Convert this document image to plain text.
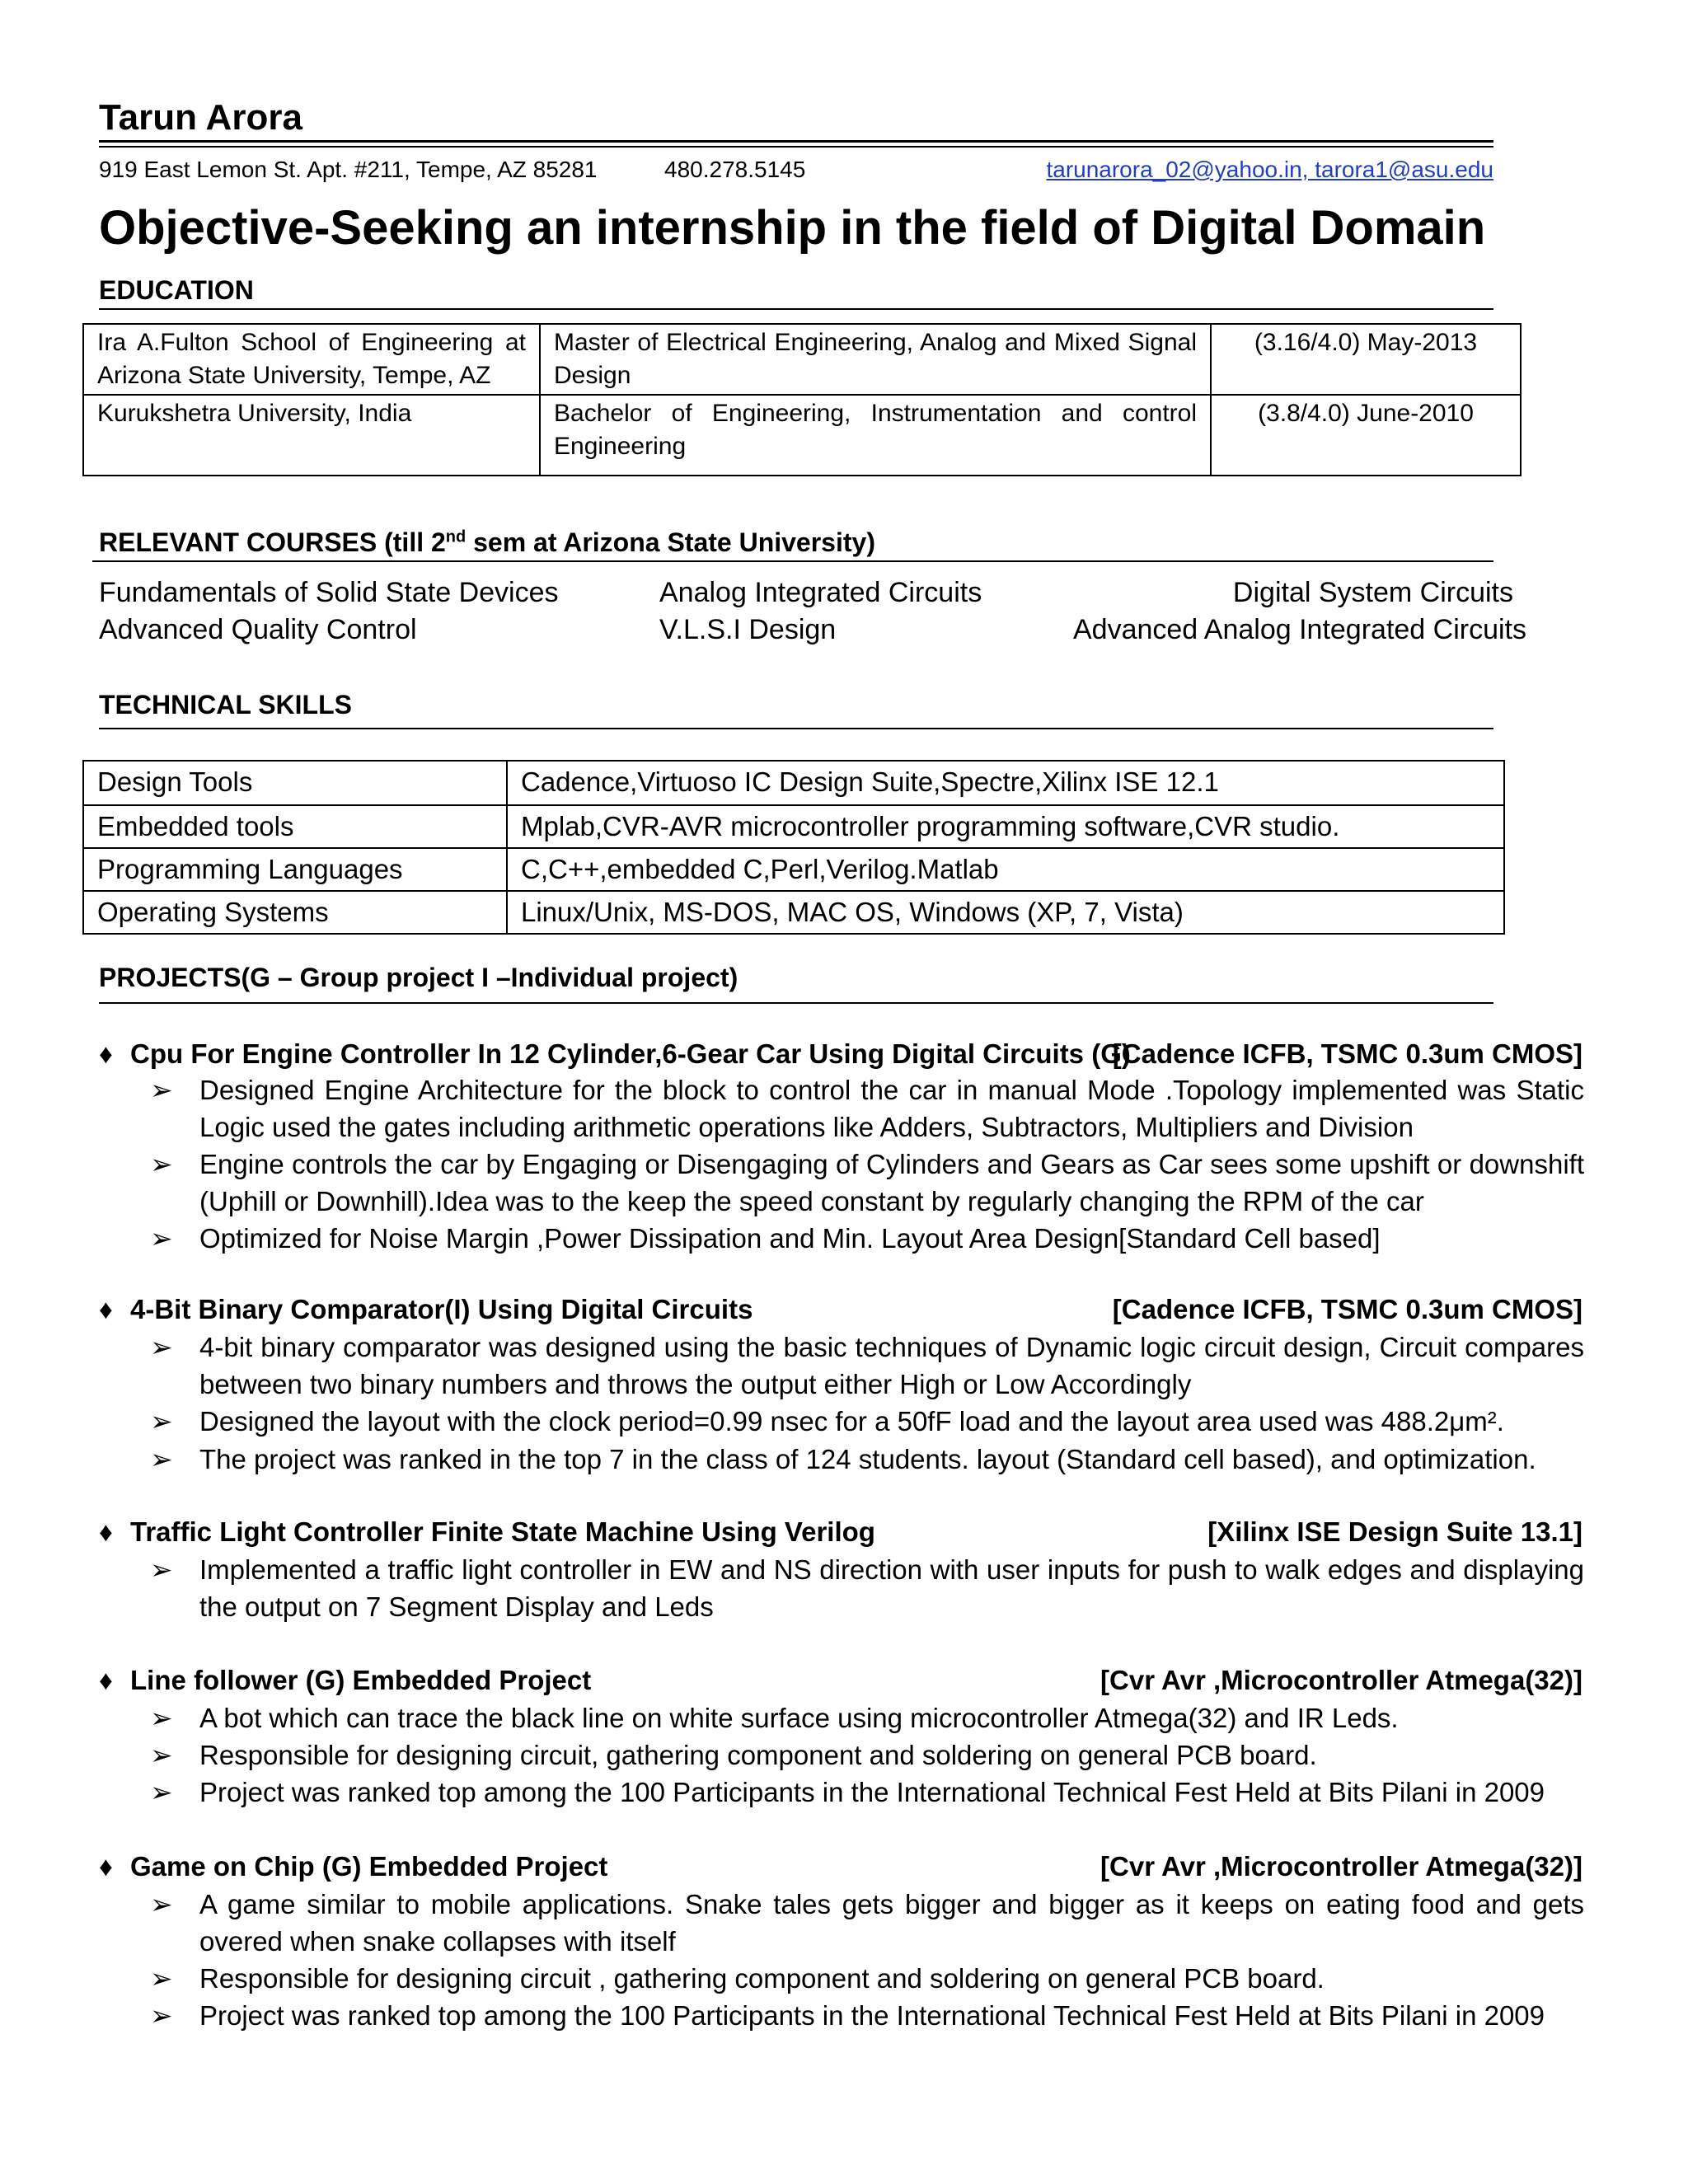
Tarun Arora
919 East Lemon St. Apt. #211, Tempe, AZ 85281	480.278.5145	tarunarora_02@yahoo.in, tarora1@asu.edu
Objective-Seeking an internship in the field of Digital Domain
EDUCATION
Ira A.Fulton School of Engineering at Arizona State University, Tempe, AZ	Master of Electrical Engineering, Analog and Mixed Signal Design	(3.16/4.0) May-2013
Kurukshetra University, India	Bachelor of Engineering, Instrumentation and control Engineering	(3.8/4.0) June-2010
RELEVANT COURSES (till 2nd sem at Arizona State University)
Fundamentals of Solid State Devices	Analog Integrated Circuits	Digital System Circuits
Advanced Quality Control	V.L.S.I Design	Advanced Analog Integrated Circuits
TECHNICAL SKILLS
Design Tools	Cadence,Virtuoso IC Design Suite,Spectre,Xilinx ISE 12.1
Embedded tools	Mplab,CVR-AVR microcontroller programming software,CVR studio.
Programming Languages	C,C++,embedded C,Perl,Verilog.Matlab
Operating Systems	Linux/Unix, MS-DOS, MAC OS, Windows (XP, 7, Vista)
PROJECTS(G – Group project I –Individual project)
♦ Cpu For Engine Controller In 12 Cylinder,6-Gear Car Using Digital Circuits (G)
[Cadence ICFB, TSMC 0.3um CMOS]
➢ Designed Engine Architecture for the block to control the car in manual Mode .Topology implemented was Static Logic used the gates including arithmetic operations like Adders, Subtractors, Multipliers and Division
➢ Engine controls the car by Engaging or Disengaging of Cylinders and Gears as Car sees some upshift or downshift (Uphill or Downhill).Idea was to the keep the speed constant by regularly changing the RPM of the car
➢ Optimized for Noise Margin ,Power Dissipation and Min. Layout Area Design[Standard Cell based]
♦ 4-Bit Binary Comparator(I) Using Digital Circuits	[Cadence ICFB, TSMC 0.3um CMOS]
➢ 4-bit binary comparator was designed using the basic techniques of Dynamic logic circuit design, Circuit compares between two binary numbers and throws the output either High or Low Accordingly
➢ Designed the layout with the clock period=0.99 nsec for a 50fF load and the layout area used was 488.2μm².
➢ The project was ranked in the top 7 in the class of 124 students. layout (Standard cell based), and optimization.
♦ Traffic Light Controller Finite State Machine Using Verilog	[Xilinx ISE Design Suite 13.1]
➢ Implemented a traffic light controller in EW and NS direction with user inputs for push to walk edges and displaying the output on 7 Segment Display and Leds
♦ Line follower (G) Embedded Project	[Cvr Avr ,Microcontroller Atmega(32)]
➢ A bot which can trace the black line on white surface using microcontroller Atmega(32) and IR Leds.
➢ Responsible for designing circuit, gathering component and soldering on general PCB board.
➢ Project was ranked top among the 100 Participants in the International Technical Fest Held at Bits Pilani in 2009
♦ Game on Chip (G) Embedded Project	[Cvr Avr ,Microcontroller Atmega(32)]
➢ A game similar to mobile applications. Snake tales gets bigger and bigger as it keeps on eating food and gets overed when snake collapses with itself
➢ Responsible for designing circuit , gathering component and soldering on general PCB board.
➢ Project was ranked top among the 100 Participants in the International Technical Fest Held at Bits Pilani in 2009
